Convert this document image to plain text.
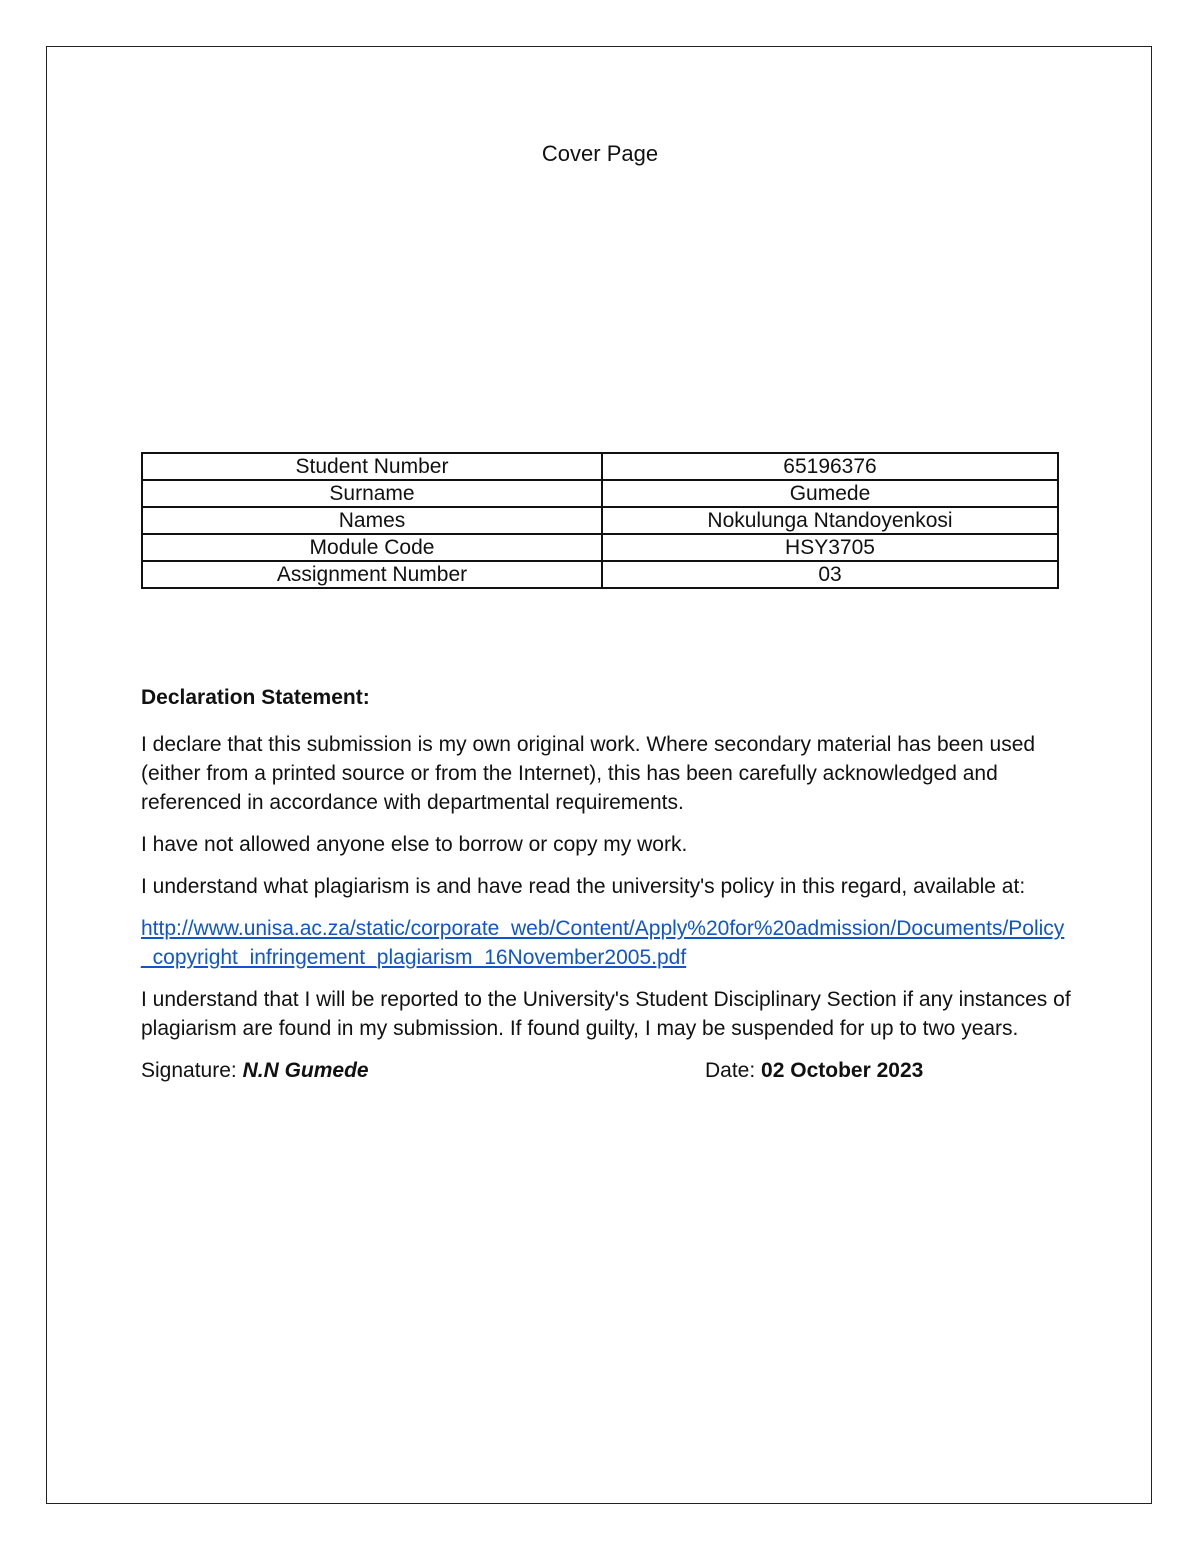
Cover Page
Student Number	65196376
Surname	Gumede
Names	Nokulunga Ntandoyenkosi
Module Code	HSY3705
Assignment Number	03
Declaration Statement:

I declare that this submission is my own original work. Where secondary material has been used (either from a printed source or from the Internet), this has been carefully acknowledged and referenced in accordance with departmental requirements.

I have not allowed anyone else to borrow or copy my work.

I understand what plagiarism is and have read the university's policy in this regard, available at:

http://www.unisa.ac.za/static/corporate_web/Content/Apply%20for%20admission/Documents/Policy_copyright_infringement_plagiarism_16November2005.pdf

I understand that I will be reported to the University's Student Disciplinary Section if any instances of plagiarism are found in my submission. If found guilty, I may be suspended for up to two years.

Signature: N.N Gumede	Date: 02 October 2023
